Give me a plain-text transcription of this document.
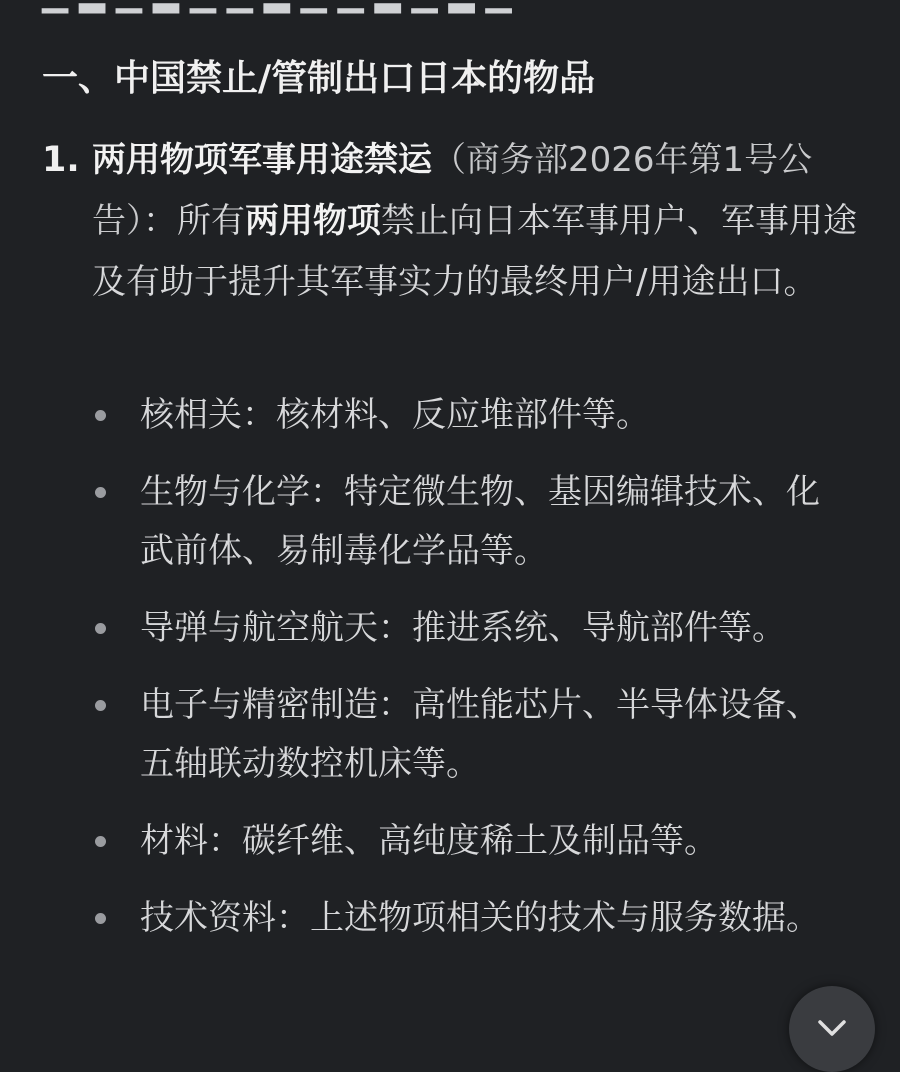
一、中国禁止/管制出口日本的物品
1. 两用物项军事用途禁运（商务部2026年第1号公告）：所有两用物项禁止向日本军事用户、军事用途及有助于提升其军事实力的最终用户/用途出口。

核相关：核材料、反应堆部件等。
生物与化学：特定微生物、基因编辑技术、化武前体、易制毒化学品等。
导弹与航空航天：推进系统、导航部件等。
电子与精密制造：高性能芯片、半导体设备、五轴联动数控机床等。
材料：碳纤维、高纯度稀土及制品等。
技术资料：上述物项相关的技术与服务数据。
